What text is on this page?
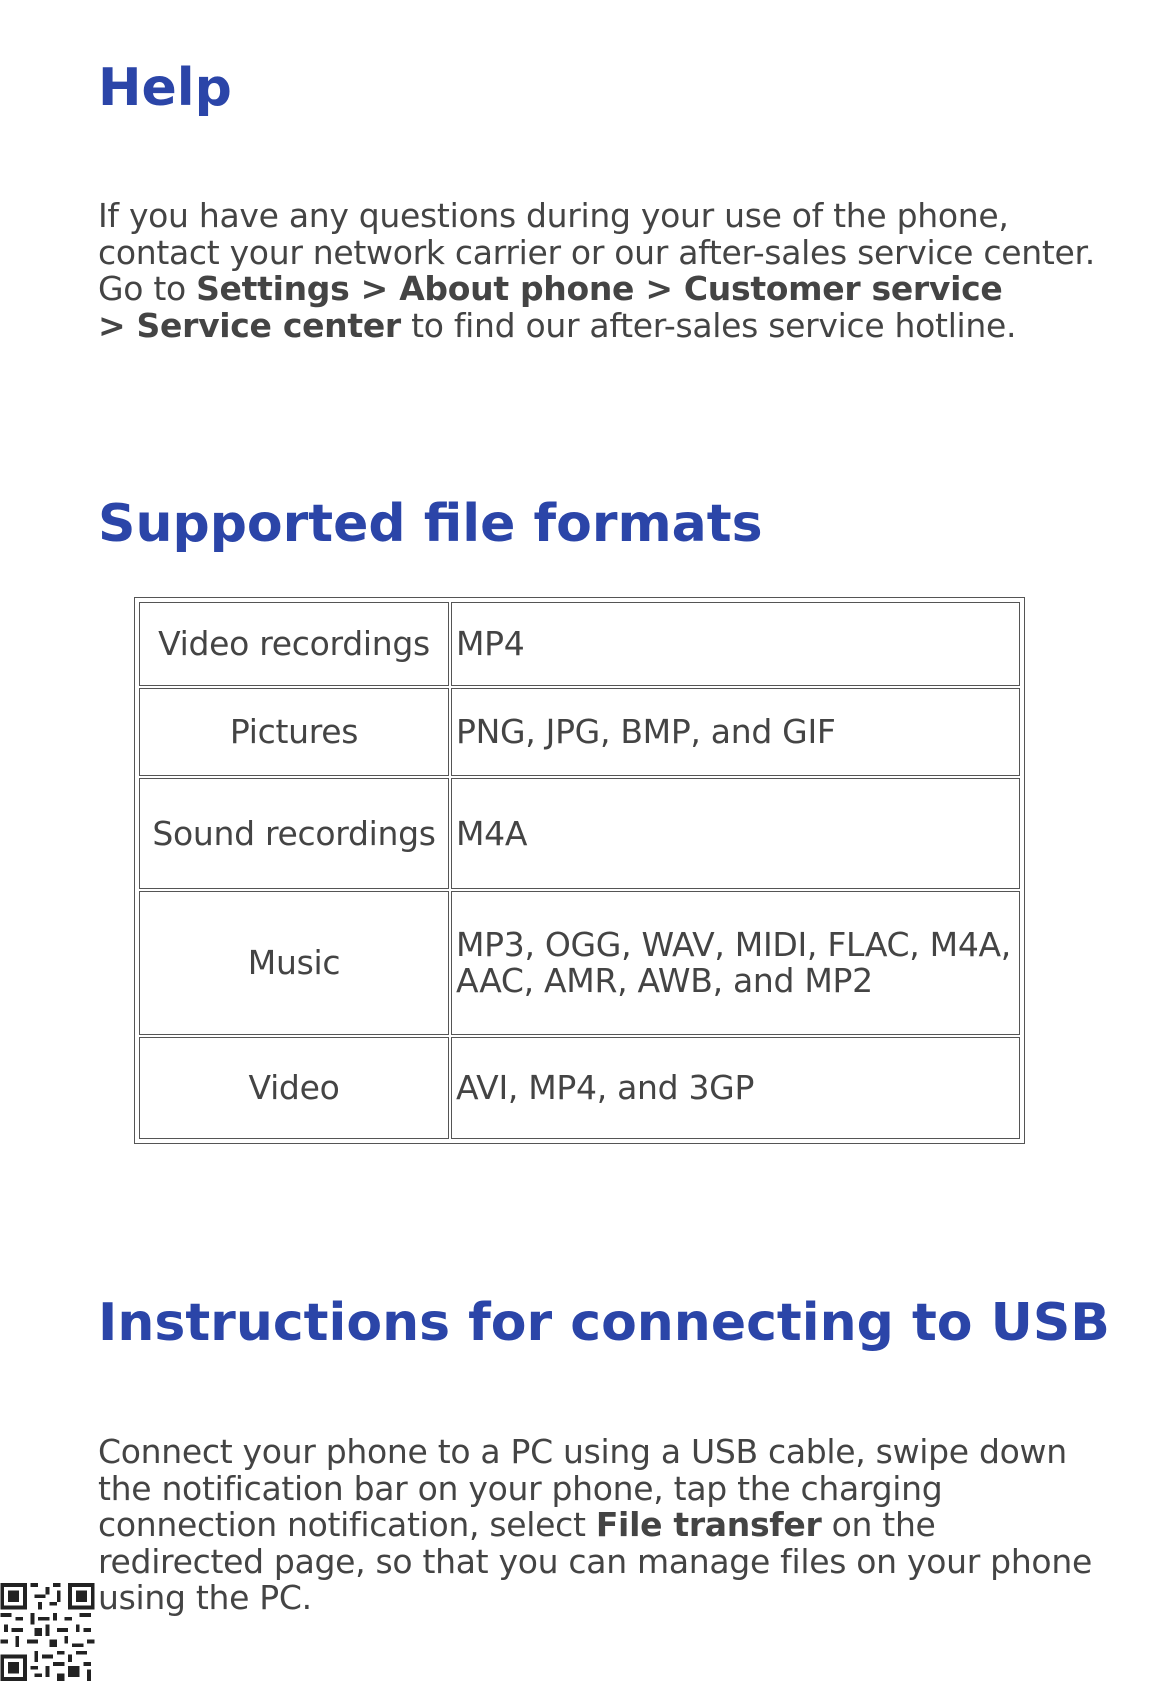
Help

If you have any questions during your use of the phone, contact your network carrier or our after-sales service center. Go to Settings > About phone > Customer service
> Service center to find our after-sales service hotline.

Supported file formats
Video recordings	MP4
Pictures	PNG, JPG, BMP, and GIF
Sound recordings	M4A
Music	MP3, OGG, WAV, MIDI, FLAC, M4A, AAC, AMR, AWB, and MP2
Video	AVI, MP4, and 3GP
Instructions for connecting to USB

Connect your phone to a PC using a USB cable, swipe down the notification bar on your phone, tap the charging connection notification, select File transfer on the redirected page, so that you can manage files on your phone using the PC.
